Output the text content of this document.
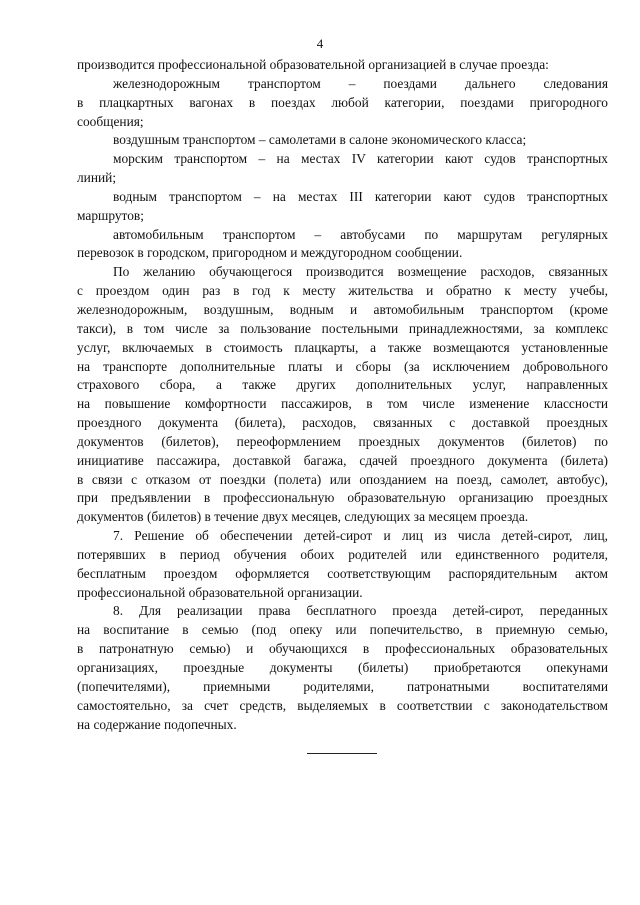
4

производится профессиональной образовательной организацией в случае проезда:

железнодорожным транспортом – поездами дальнего следования
в плацкартных вагонах в поездах любой категории, поездами пригородного
сообщения;

воздушным транспортом – самолетами в салоне экономического класса;

морским транспортом – на местах IV категории кают судов транспортных
линий;

водным транспортом – на местах III категории кают судов транспортных
маршрутов;

автомобильным транспортом – автобусами по маршрутам регулярных
перевозок в городском, пригородном и междугородном сообщении.

По желанию обучающегося производится возмещение расходов, связанных
с проездом один раз в год к месту жительства и обратно к месту учебы,
железнодорожным, воздушным, водным и автомобильным транспортом (кроме
такси), в том числе за пользование постельными принадлежностями, за комплекс
услуг, включаемых в стоимость плацкарты, а также возмещаются установленные
на транспорте дополнительные платы и сборы (за исключением добровольного
страхового сбора, а также других дополнительных услуг, направленных
на повышение комфортности пассажиров, в том числе изменение классности
проездного документа (билета), расходов, связанных с доставкой проездных
документов (билетов), переоформлением проездных документов (билетов) по
инициативе пассажира, доставкой багажа, сдачей проездного документа (билета)
в связи с отказом от поездки (полета) или опозданием на поезд, самолет, автобус),
при предъявлении в профессиональную образовательную организацию проездных
документов (билетов) в течение двух месяцев, следующих за месяцем проезда.

7. Решение об обеспечении детей-сирот и лиц из числа детей-сирот, лиц,
потерявших в период обучения обоих родителей или единственного родителя,
бесплатным проездом оформляется соответствующим распорядительным актом
профессиональной образовательной организации.

8. Для реализации права бесплатного проезда детей-сирот, переданных
на воспитание в семью (под опеку или попечительство, в приемную семью,
в патронатную семью) и обучающихся в профессиональных образовательных
организациях, проездные документы (билеты) приобретаются опекунами
(попечителями), приемными родителями, патронатными воспитателями
самостоятельно, за счет средств, выделяемых в соответствии с законодательством
на содержание подопечных.
